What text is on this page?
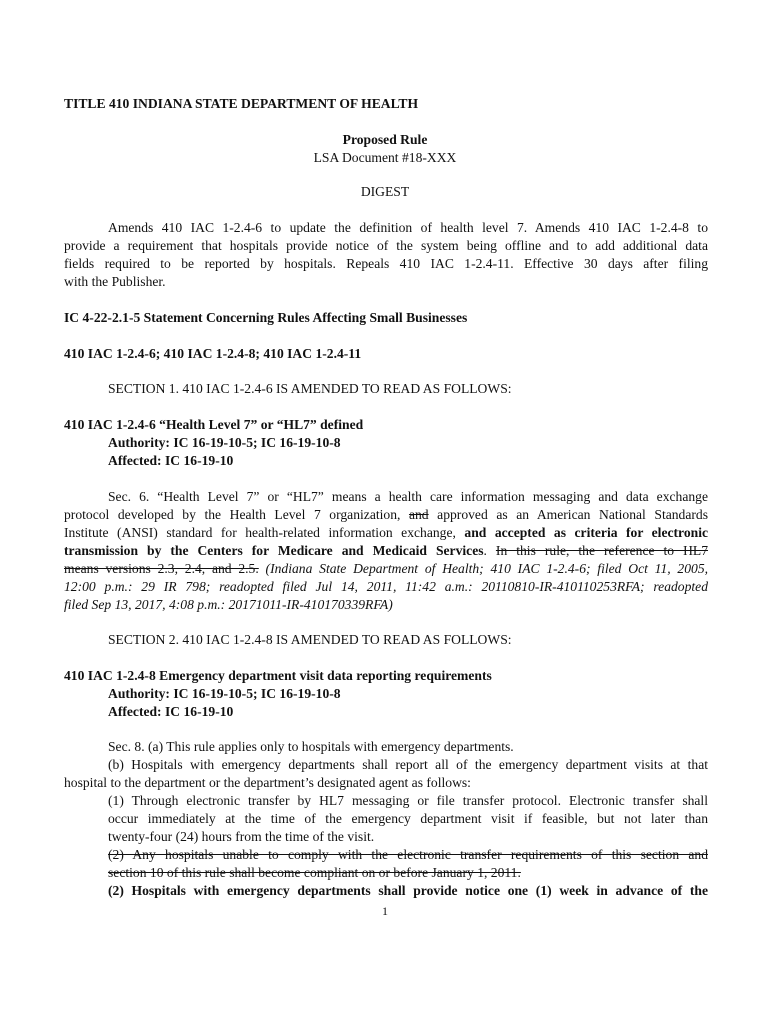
TITLE 410 INDIANA STATE DEPARTMENT OF HEALTH
Proposed Rule
LSA Document #18-XXX
DIGEST
Amends 410 IAC 1-2.4-6 to update the definition of health level 7. Amends 410 IAC 1-2.4-8 to
provide a requirement that hospitals provide notice of the system being offline and to add additional data
fields required to be reported by hospitals. Repeals 410 IAC 1-2.4-11. Effective 30 days after filing
with the Publisher.
IC 4-22-2.1-5 Statement Concerning Rules Affecting Small Businesses
410 IAC 1-2.4-6; 410 IAC 1-2.4-8; 410 IAC 1-2.4-11
SECTION 1. 410 IAC 1-2.4-6 IS AMENDED TO READ AS FOLLOWS:
410 IAC 1-2.4-6 “Health Level 7” or “HL7” defined
Authority: IC 16-19-10-5; IC 16-19-10-8
Affected: IC 16-19-10
Sec. 6. “Health Level 7” or “HL7” means a health care information messaging and data exchange
protocol developed by the Health Level 7 organization, and approved as an American National Standards
Institute (ANSI) standard for health-related information exchange, and accepted as criteria for electronic
transmission by the Centers for Medicare and Medicaid Services. In this rule, the reference to HL7
means versions 2.3, 2.4, and 2.5. (Indiana State Department of Health; 410 IAC 1-2.4-6; filed Oct 11, 2005,
12:00 p.m.: 29 IR 798; readopted filed Jul 14, 2011, 11:42 a.m.: 20110810-IR-410110253RFA; readopted
filed Sep 13, 2017, 4:08 p.m.: 20171011-IR-410170339RFA)
SECTION 2. 410 IAC 1-2.4-8 IS AMENDED TO READ AS FOLLOWS:
410 IAC 1-2.4-8 Emergency department visit data reporting requirements
Authority: IC 16-19-10-5; IC 16-19-10-8
Affected: IC 16-19-10
Sec. 8. (a) This rule applies only to hospitals with emergency departments.
(b) Hospitals with emergency departments shall report all of the emergency department visits at that
hospital to the department or the department’s designated agent as follows:
(1) Through electronic transfer by HL7 messaging or file transfer protocol. Electronic transfer shall
occur immediately at the time of the emergency department visit if feasible, but not later than
twenty-four (24) hours from the time of the visit.
(2) Any hospitals unable to comply with the electronic transfer requirements of this section and
section 10 of this rule shall become compliant on or before January 1, 2011.
(2) Hospitals with emergency departments shall provide notice one (1) week in advance of the
1
